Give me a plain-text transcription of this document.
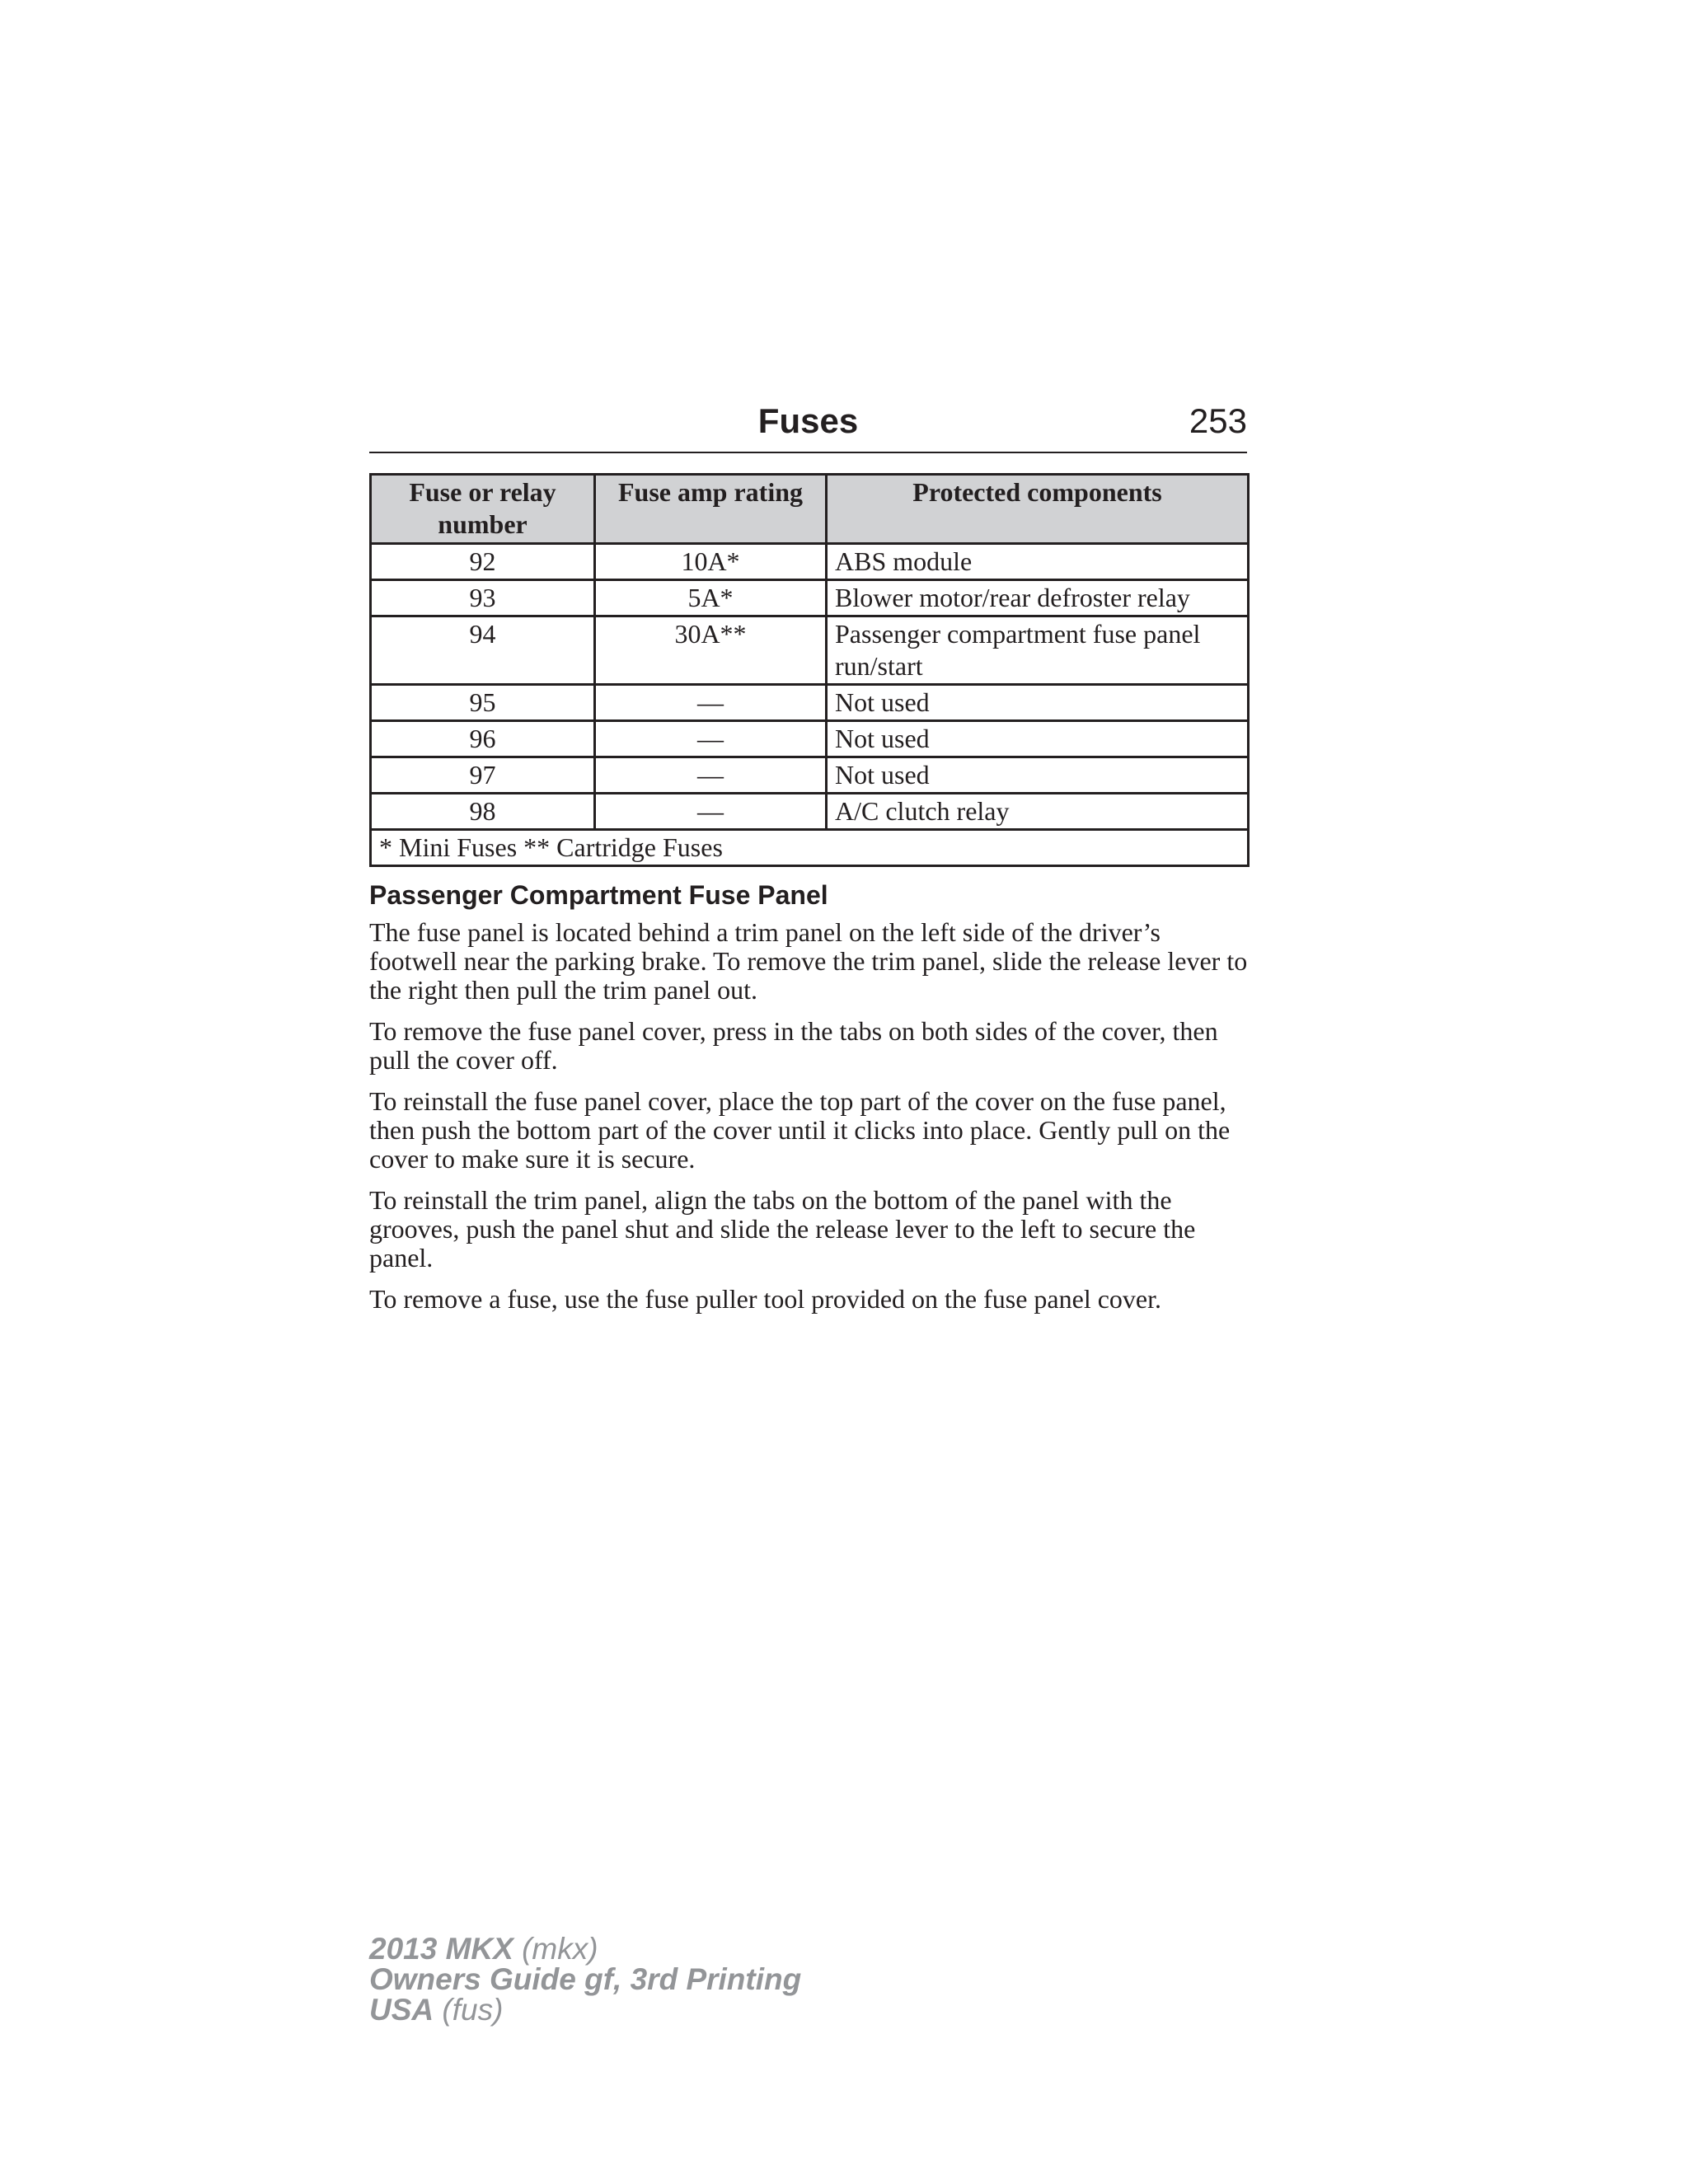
Fuses	253
Fuse or relay number	Fuse amp rating	Protected components
92	10A*	ABS module
93	5A*	Blower motor/rear defroster relay
94	30A**	Passenger compartment fuse panel run/start
95	—	Not used
96	—	Not used
97	—	Not used
98	—	A/C clutch relay
* Mini Fuses ** Cartridge Fuses		
Passenger Compartment Fuse Panel

The fuse panel is located behind a trim panel on the left side of the driver’s footwell near the parking brake. To remove the trim panel, slide the release lever to the right then pull the trim panel out.

To remove the fuse panel cover, press in the tabs on both sides of the cover, then pull the cover off.

To reinstall the fuse panel cover, place the top part of the cover on the fuse panel, then push the bottom part of the cover until it clicks into place. Gently pull on the cover to make sure it is secure.

To reinstall the trim panel, align the tabs on the bottom of the panel with the grooves, push the panel shut and slide the release lever to the left to secure the panel.

To remove a fuse, use the fuse puller tool provided on the fuse panel cover.

2013 MKX (mkx)
Owners Guide gf, 3rd Printing
USA (fus)
